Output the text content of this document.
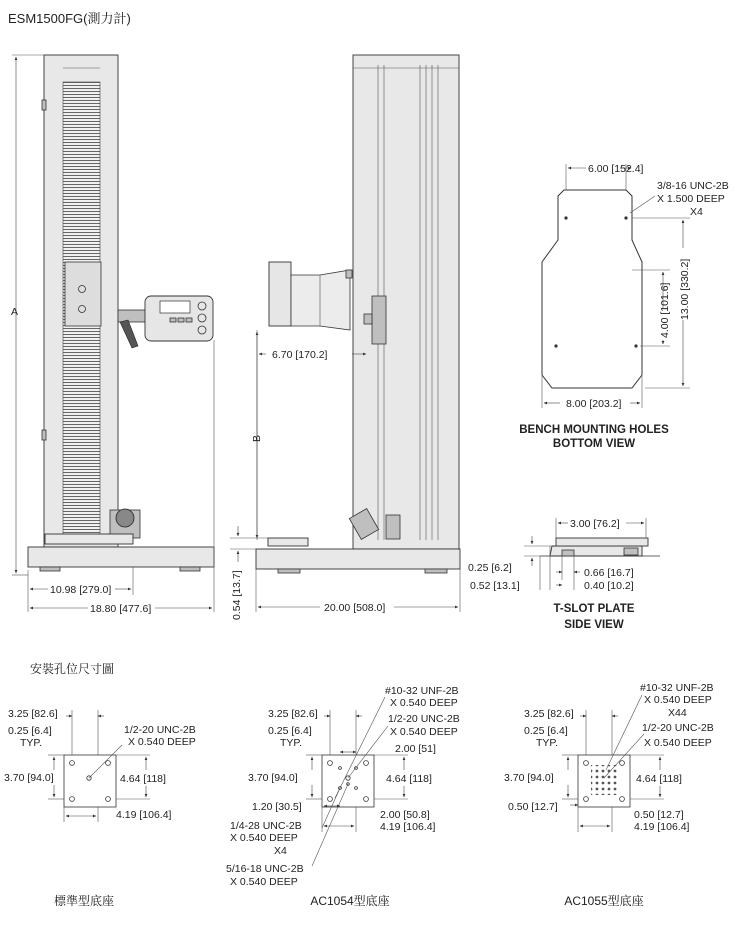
ESM1500FG(測力計)
安裝孔位尺寸圖
A
10.98 [279.0]
18.80 [477.6]
B
6.70 [170.2]
0.54 [13.7]	20.00 [508.0]
6.00 [152.4]
3/8-16 UNC-2B
X 1.500 DEEP
X4
13.00 [330.2]
4.00 [101.6]
8.00 [203.2]
BENCH MOUNTING HOLES
BOTTOM VIEW
3.00 [76.2]
0.25 [6.2]
0.52 [13.1]
0.66 [16.7]
0.40 [10.2]
T-SLOT PLATE
SIDE VIEW
3.25 [82.6]
0.25 [6.4]
TYP.
1/2-20 UNC-2B
X 0.540 DEEP
3.70 [94.0]	4.64 [118]
4.19 [106.4]
標準型底座
#10-32 UNF-2B
X 0.540 DEEP
3.25 [82.6]	1/2-20 UNC-2B
X 0.540 DEEP
0.25 [6.4]
TYP.	2.00 [51]
3.70 [94.0]	4.64 [118]
1.20 [30.5]
2.00 [50.8]
4.19 [106.4]
1/4-28 UNC-2B
X 0.540 DEEP
X4
5/16-18 UNC-2B
X 0.540 DEEP
AC1054型底座
#10-32 UNF-2B
X 0.540 DEEP
X44
3.25 [82.6]
1/2-20 UNC-2B
X 0.540 DEEP
0.25 [6.4]
TYP.
3.70 [94.0]	4.64 [118]
0.50 [12.7]
0.50 [12.7]
4.19 [106.4]
AC1055型底座
